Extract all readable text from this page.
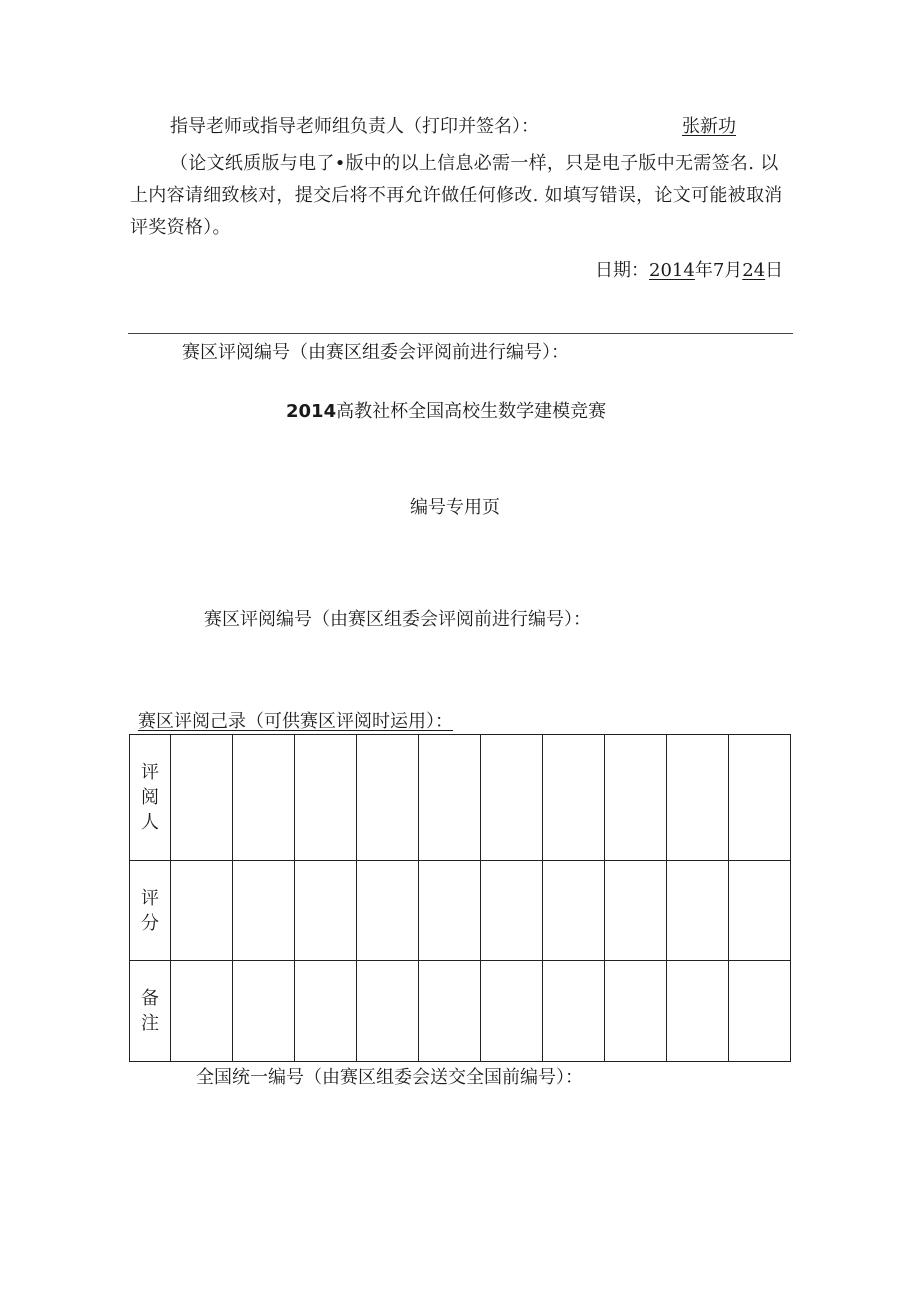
指导老师或指导老师组负责人（打印并签名）：	张新功
（论文纸质版与电了•版中的以上信息必需一样，只是电子版中无需签名. 以上内容请细致核对，提交后将不再允许做任何修改. 如填写错误，论文可能被取消评奖资格）。
日期：2014年7月24日
赛区评阅编号（由赛区组委会评阅前进行编号）：
2014高教社杯全国高校生数学建模竞赛
编号专用页
赛区评阅编号（由赛区组委会评阅前进行编号）：
赛区评阅己录（可供赛区评阅时运用）：
评阅人										
评分										
备注										
全国统一编号（由赛区组委会送交全国前编号）：
